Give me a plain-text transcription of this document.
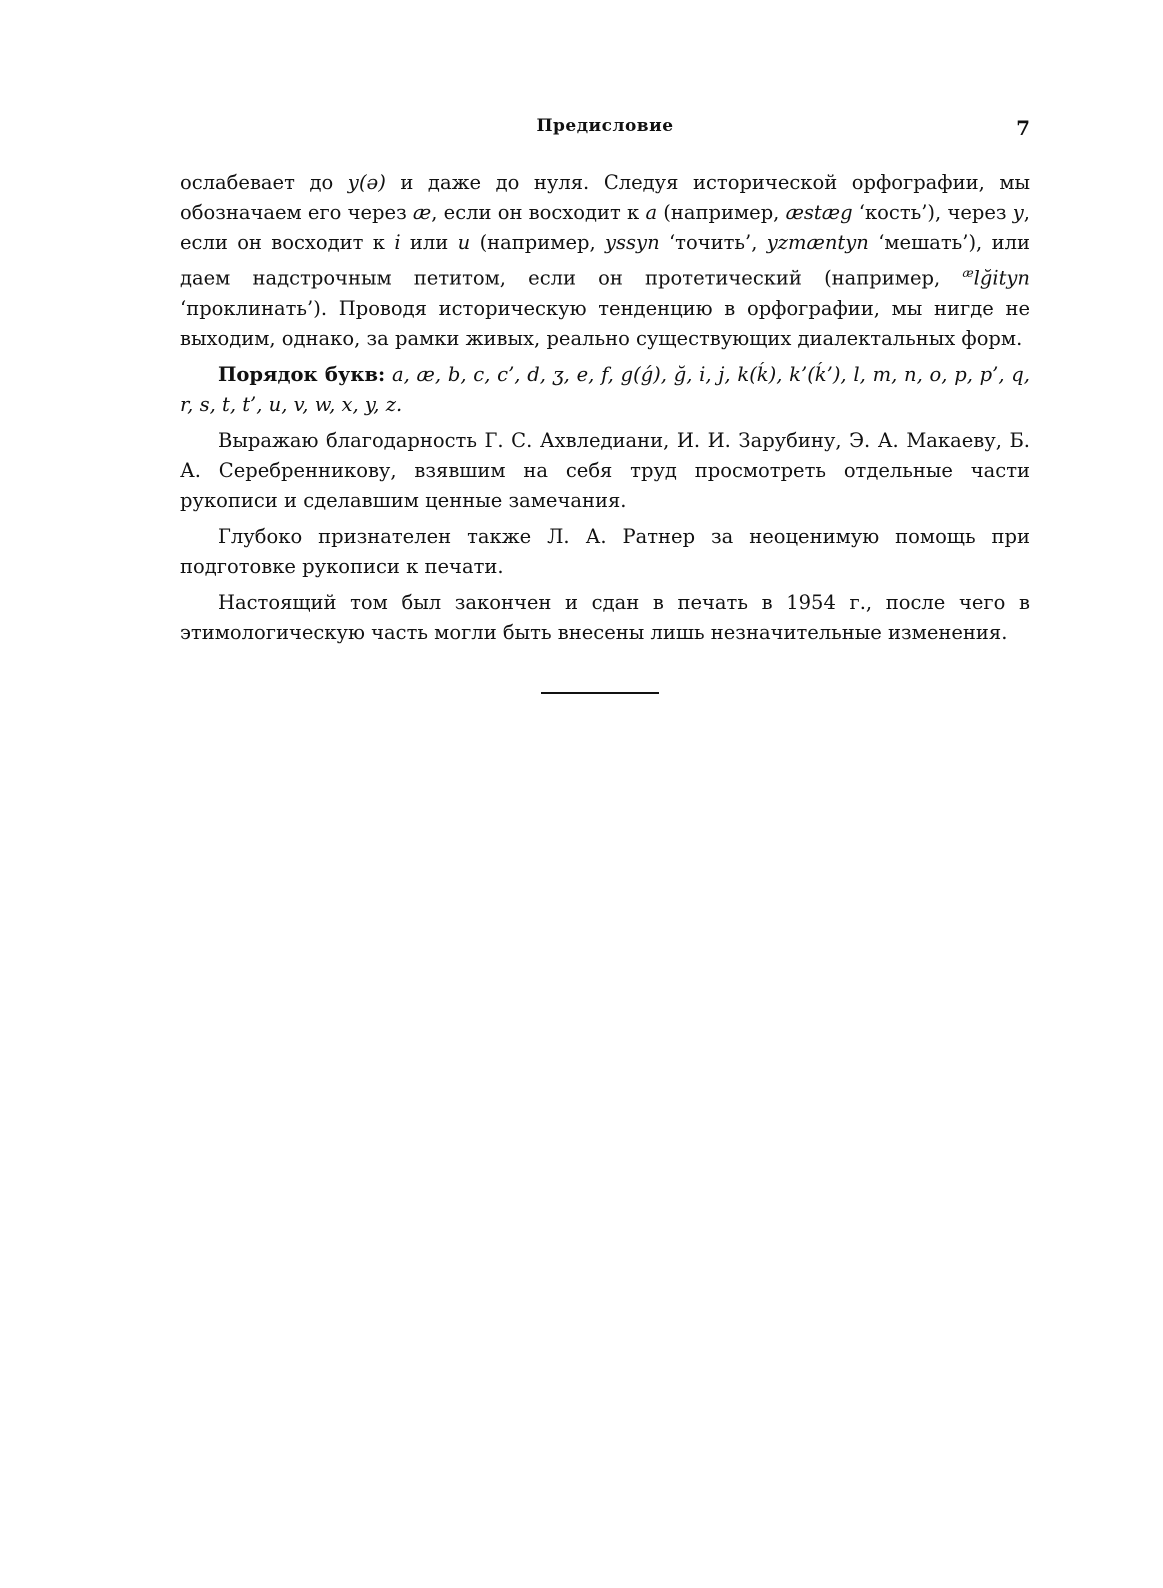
Предисловие	7

ослабевает до у(ə) и даже до нуля. Следуя исторической орфографии, мы обозначаем его через æ, если он восходит к a (например, æstæg ‘кость’), через y, если он восходит к i или u (например, yssyn ‘точить’, yzmæntyn ‘мешать’), или даем надстрочным петитом, если он протетический (например, $^æ$lğityn ‘проклинать’). Проводя историческую тенденцию в орфографии, мы нигде не выходим, однако, за рамки живых, реально существующих диалектальных форм.

Порядок букв: a, æ, b, c, c’, d, ʒ, e, f, g(ǵ), ğ, i, j, k(ḱ), k’(ḱ’), l, m, n, o, p, p’, q, r, s, t, t’, u, v, w, x, y, z.

Выражаю благодарность Г. С. Ахвледиани, И. И. Зарубину, Э. А. Макаеву, Б. А. Серебренникову, взявшим на себя труд просмотреть отдельные части рукописи и сделавшим ценные замечания.

Глубоко признателен также Л. А. Ратнер за неоценимую помощь при подготовке рукописи к печати.

Настоящий том был закончен и сдан в печать в 1954 г., после чего в этимологическую часть могли быть внесены лишь незначительные изменения.
